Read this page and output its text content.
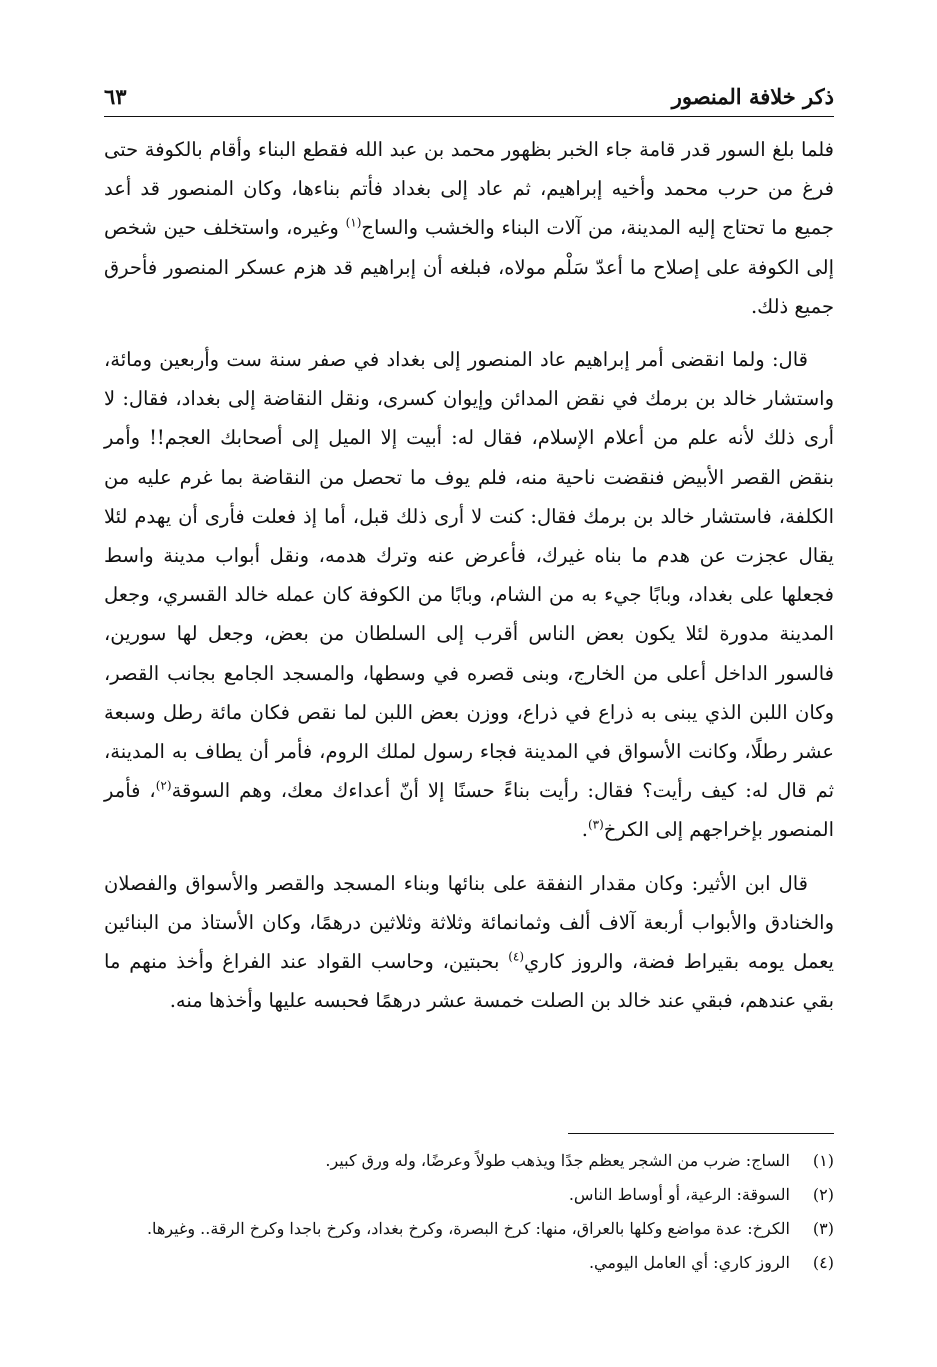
ذكر خلافة المنصور
٦٣

فلما بلغ السور قدر قامة جاء الخبر بظهور محمد بن عبد الله فقطع البناء وأقام بالكوفة حتى فرغ من حرب محمد وأخيه إبراهيم، ثم عاد إلى بغداد فأتم بناءها، وكان المنصور قد أعد جميع ما تحتاج إليه المدينة، من آلات البناء والخشب والساج$^{(١)}$ وغيره، واستخلف حين شخص إلى الكوفة على إصلاح ما أعدّ سَلْم مولاه، فبلغه أن إبراهيم قد هزم عسكر المنصور فأحرق جميع ذلك.

قال: ولما انقضى أمر إبراهيم عاد المنصور إلى بغداد في صفر سنة ست وأربعين ومائة، واستشار خالد بن برمك في نقض المدائن وإيوان كسرى، ونقل النقاضة إلى بغداد، فقال: لا أرى ذلك لأنه علم من أعلام الإسلام، فقال له: أبيت إلا الميل إلى أصحابك العجم!! وأمر بنقض القصر الأبيض فنقضت ناحية منه، فلم يوف ما تحصل من النقاضة بما غرم عليه من الكلفة، فاستشار خالد بن برمك فقال: كنت لا أرى ذلك قبل، أما إذ فعلت فأرى أن يهدم لئلا يقال عجزت عن هدم ما بناه غيرك، فأعرض عنه وترك هدمه، ونقل أبواب مدينة واسط فجعلها على بغداد، وبابًا جيء به من الشام، وبابًا من الكوفة كان عمله خالد القسري، وجعل المدينة مدورة لئلا يكون بعض الناس أقرب إلى السلطان من بعض، وجعل لها سورين، فالسور الداخل أعلى من الخارج، وبنى قصره في وسطها، والمسجد الجامع بجانب القصر، وكان اللبن الذي يبنى به ذراع في ذراع، ووزن بعض اللبن لما نقص فكان مائة رطل وسبعة عشر رطلًا، وكانت الأسواق في المدينة فجاء رسول لملك الروم، فأمر أن يطاف به المدينة، ثم قال له: كيف رأيت؟ فقال: رأيت بناءً حسنًا إلا أنّ أعداءك معك، وهم السوقة$^{(٢)}$، فأمر المنصور بإخراجهم إلى الكرخ$^{(٣)}$.

قال ابن الأثير: وكان مقدار النفقة على بنائها وبناء المسجد والقصر والأسواق والفصلان والخنادق والأبواب أربعة آلاف ألف وثمانمائة وثلاثة وثلاثين درهمًا، وكان الأستاذ من البنائين يعمل يومه بقيراط فضة، والروز كاري$^{(٤)}$ بحبتين، وحاسب القواد عند الفراغ وأخذ منهم ما بقي عندهم، فبقي عند خالد بن الصلت خمسة عشر درهمًا فحبسه عليها وأخذها منه.

(١)
الساج: ضرب من الشجر يعظم جدًا ويذهب طولاً وعرضًا، وله ورق كبير.
(٢)
السوقة: الرعية، أو أوساط الناس.
(٣)
الكرخ: عدة مواضع وكلها بالعراق، منها: كرخ البصرة، وكرخ بغداد، وكرخ باجدا وكرخ الرقة.. وغيرها.
(٤)
الروز كاري: أي العامل اليومي.
